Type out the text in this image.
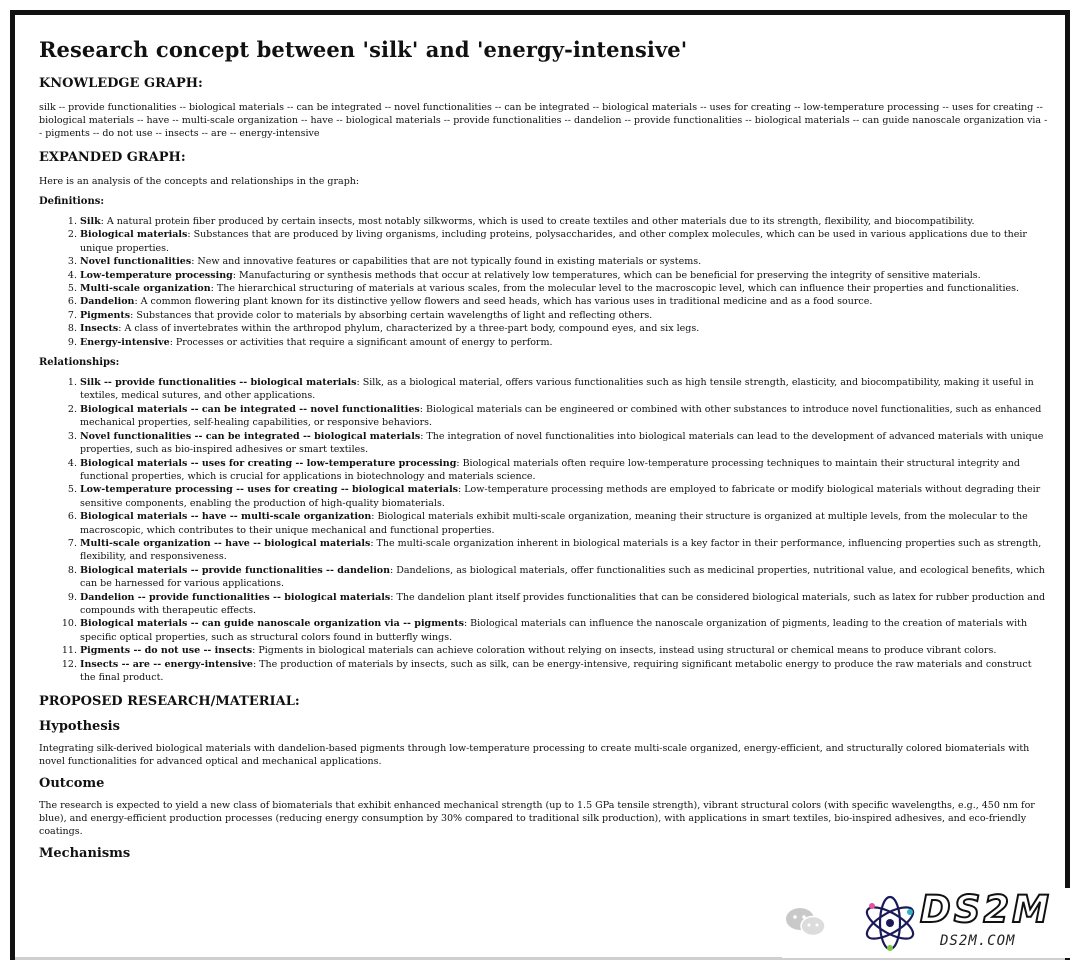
Research concept between 'silk' and 'energy-intensive'
KNOWLEDGE GRAPH:

silk -- provide functionalities -- biological materials -- can be integrated -- novel functionalities -- can be integrated -- biological materials -- uses for creating -- low-temperature processing -- uses for creating -- biological materials -- have -- multi-scale organization -- have -- biological materials -- provide functionalities -- dandelion -- provide functionalities -- biological materials -- can guide nanoscale organization via -- pigments -- do not use -- insects -- are -- energy-intensive

EXPANDED GRAPH:

Here is an analysis of the concepts and relationships in the graph:

Definitions:
1. Silk: A natural protein fiber produced by certain insects, most notably silkworms, which is used to create textiles and other materials due to its strength, flexibility, and biocompatibility.
2. Biological materials: Substances that are produced by living organisms, including proteins, polysaccharides, and other complex molecules, which can be used in various applications due to their unique properties.
3. Novel functionalities: New and innovative features or capabilities that are not typically found in existing materials or systems.
4. Low-temperature processing: Manufacturing or synthesis methods that occur at relatively low temperatures, which can be beneficial for preserving the integrity of sensitive materials.
5. Multi-scale organization: The hierarchical structuring of materials at various scales, from the molecular level to the macroscopic level, which can influence their properties and functionalities.
6. Dandelion: A common flowering plant known for its distinctive yellow flowers and seed heads, which has various uses in traditional medicine and as a food source.
7. Pigments: Substances that provide color to materials by absorbing certain wavelengths of light and reflecting others.
8. Insects: A class of invertebrates within the arthropod phylum, characterized by a three-part body, compound eyes, and six legs.
9. Energy-intensive: Processes or activities that require a significant amount of energy to perform.
Relationships:
1. Silk -- provide functionalities -- biological materials: Silk, as a biological material, offers various functionalities such as high tensile strength, elasticity, and biocompatibility, making it useful in textiles, medical sutures, and other applications.
2. Biological materials -- can be integrated -- novel functionalities: Biological materials can be engineered or combined with other substances to introduce novel functionalities, such as enhanced mechanical properties, self-healing capabilities, or responsive behaviors.
3. Novel functionalities -- can be integrated -- biological materials: The integration of novel functionalities into biological materials can lead to the development of advanced materials with unique properties, such as bio-inspired adhesives or smart textiles.
4. Biological materials -- uses for creating -- low-temperature processing: Biological materials often require low-temperature processing techniques to maintain their structural integrity and functional properties, which is crucial for applications in biotechnology and materials science.
5. Low-temperature processing -- uses for creating -- biological materials: Low-temperature processing methods are employed to fabricate or modify biological materials without degrading their sensitive components, enabling the production of high-quality biomaterials.
6. Biological materials -- have -- multi-scale organization: Biological materials exhibit multi-scale organization, meaning their structure is organized at multiple levels, from the molecular to the macroscopic, which contributes to their unique mechanical and functional properties.
7. Multi-scale organization -- have -- biological materials: The multi-scale organization inherent in biological materials is a key factor in their performance, influencing properties such as strength, flexibility, and responsiveness.
8. Biological materials -- provide functionalities -- dandelion: Dandelions, as biological materials, offer functionalities such as medicinal properties, nutritional value, and ecological benefits, which can be harnessed for various applications.
9. Dandelion -- provide functionalities -- biological materials: The dandelion plant itself provides functionalities that can be considered biological materials, such as latex for rubber production and compounds with therapeutic effects.
10. Biological materials -- can guide nanoscale organization via -- pigments: Biological materials can influence the nanoscale organization of pigments, leading to the creation of materials with specific optical properties, such as structural colors found in butterfly wings.
11. Pigments -- do not use -- insects: Pigments in biological materials can achieve coloration without relying on insects, instead using structural or chemical means to produce vibrant colors.
12. Insects -- are -- energy-intensive: The production of materials by insects, such as silk, can be energy-intensive, requiring significant metabolic energy to produce the raw materials and construct the final product.
PROPOSED RESEARCH/MATERIAL:
Hypothesis

Integrating silk-derived biological materials with dandelion-based pigments through low-temperature processing to create multi-scale organized, energy-efficient, and structurally colored biomaterials with novel functionalities for advanced optical and mechanical applications.

Outcome

The research is expected to yield a new class of biomaterials that exhibit enhanced mechanical strength (up to 1.5 GPa tensile strength), vibrant structural colors (with specific wavelengths, e.g., 450 nm for blue), and energy-efficient production processes (reducing energy consumption by 30% compared to traditional silk production), with applications in smart textiles, bio-inspired adhesives, and eco-friendly coatings.

Mechanisms
DS2M
DS2M.COM
